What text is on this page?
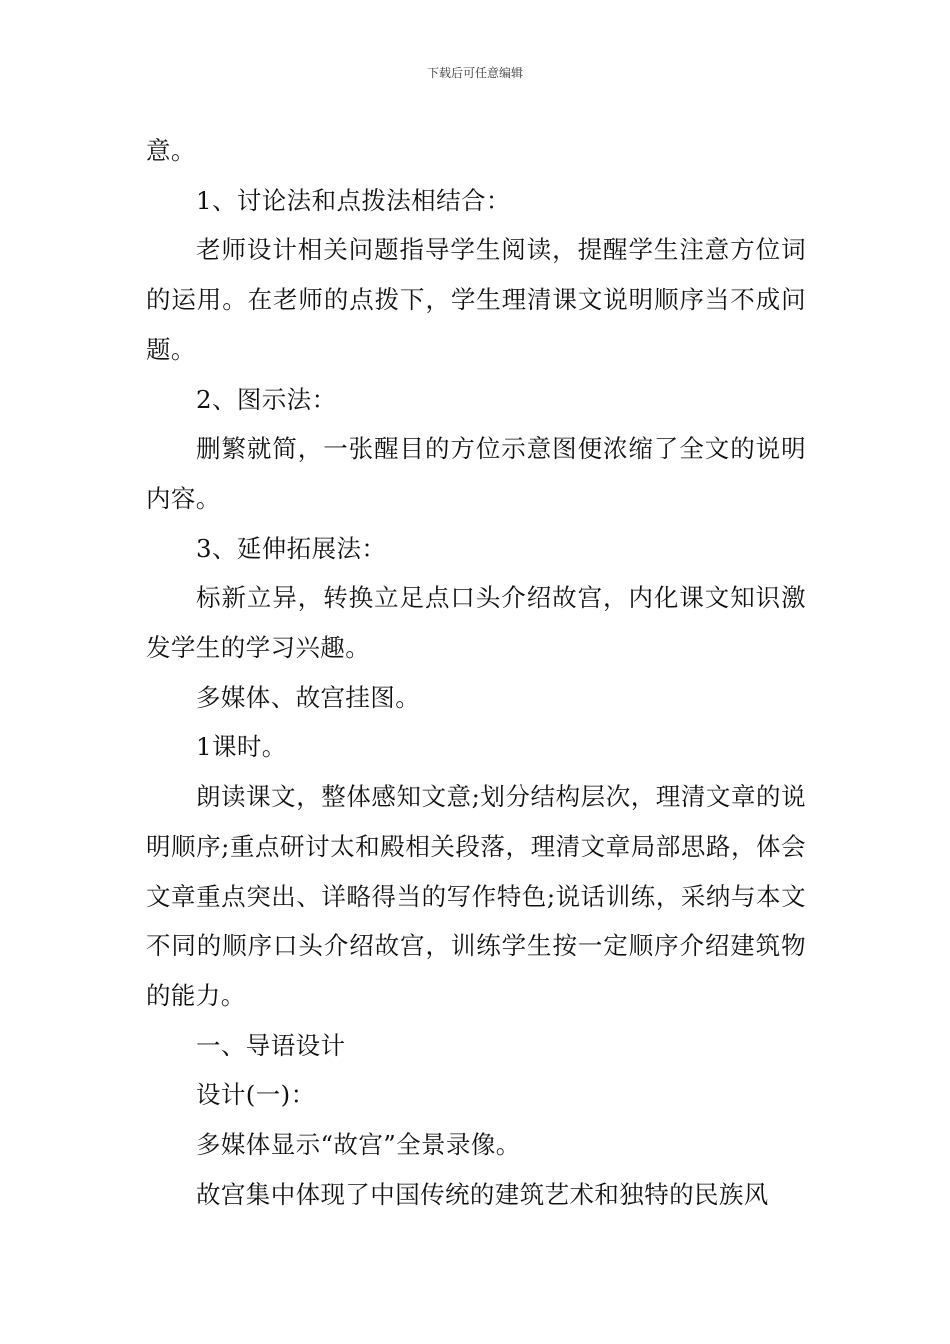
下载后可任意编辑

意。

1、讨论法和点拨法相结合：

老师设计相关问题指导学生阅读，提醒学生注意方位词的运用。在老师的点拨下，学生理清课文说明顺序当不成问题。

2、图示法：

删繁就简，一张醒目的方位示意图便浓缩了全文的说明内容。

3、延伸拓展法：

标新立异，转换立足点口头介绍故宫，内化课文知识激发学生的学习兴趣。

多媒体、故宫挂图。

1课时。

朗读课文，整体感知文意;划分结构层次，理清文章的说明顺序;重点研讨太和殿相关段落，理清文章局部思路，体会文章重点突出、详略得当的写作特色;说话训练，采纳与本文不同的顺序口头介绍故宫，训练学生按一定顺序介绍建筑物的能力。

一、导语设计

设计(一)：

多媒体显示“故宫”全景录像。

故宫集中体现了中国传统的建筑艺术和独特的民族风
